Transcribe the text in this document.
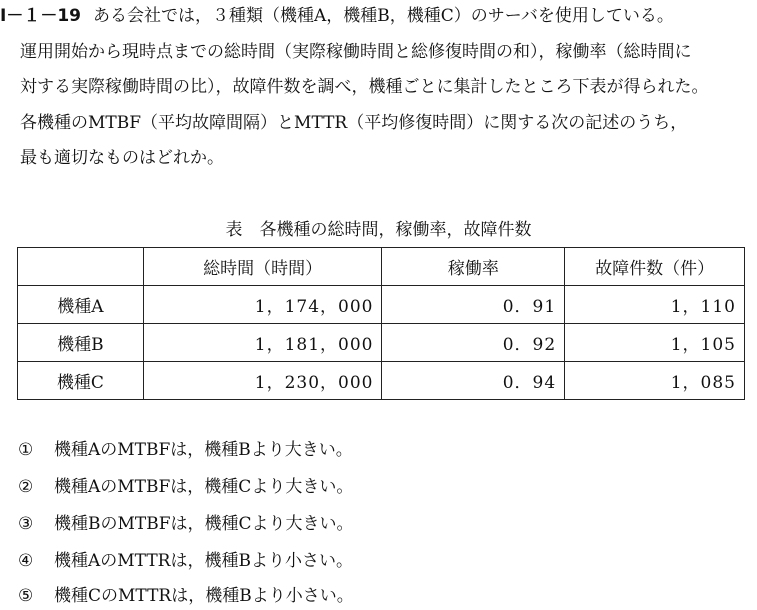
Ⅰ－１－19 ある会社では，３種類（機種A，機種B，機種C）のサーバを使用している。

運用開始から現時点までの総時間（実際稼働時間と総修復時間の和），稼働率（総時間に

対する実際稼働時間の比），故障件数を調べ，機種ごとに集計したところ下表が得られた。

各機種のMTBF（平均故障間隔）とMTTR（平均修復時間）に関する次の記述のうち，

最も適切なものはどれか。

表　各機種の総時間，稼働率，故障件数

	総時間（時間）	稼働率	故障件数（件）
機種A	1，174，000	0．91	1，110
機種B	1，181，000	0．92	1，105
機種C	1，230，000	0．94	1，085

① 機種AのMTBFは，機種Bより大きい。

② 機種AのMTBFは，機種Cより大きい。

③ 機種BのMTBFは，機種Cより大きい。

④ 機種AのMTTRは，機種Bより小さい。

⑤ 機種CのMTTRは，機種Bより小さい。
